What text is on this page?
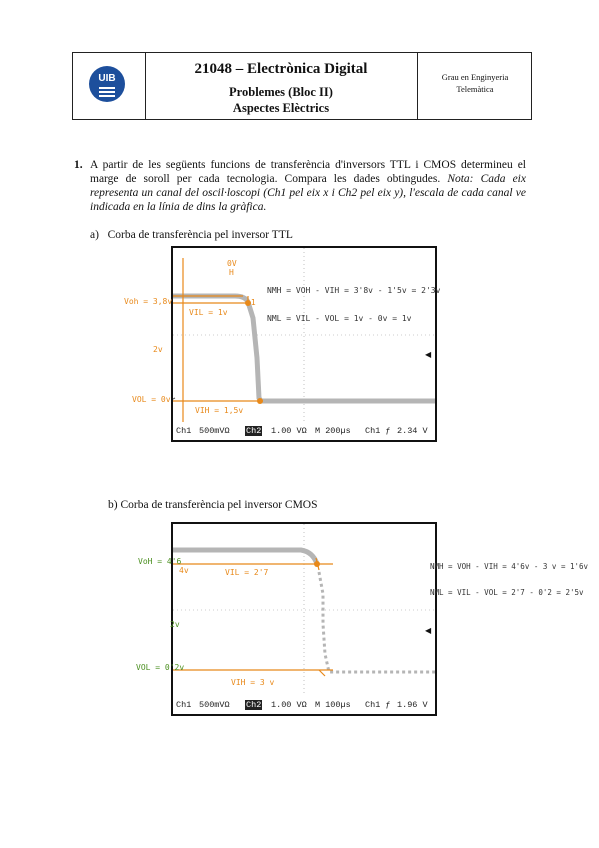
UIB
21048 – Electrònica Digital
Problemes (Bloc II)
Aspectes Elèctrics
Grau en Enginyeria
Telemàtica
1. A partir de les següents funcions de transferència d'inversors TTL i CMOS determineu el marge de soroll per cada tecnologia. Compara les dades obtingudes. Nota: Cada eix representa un canal del oscil·loscopi (Ch1 pel eix x i Ch2 pel eix y), l'escala de cada canal ve indicada en la línia de dins la gràfica.
a) Corba de transferència pel inversor TTL
0V
H
VIL = 1v
-1
VIH = 1,5v
NMH = VOH - VIH = 3'8v - 1'5v = 2'3v
NML = VIL - VOL = 1v - 0v = 1v
Ch1 500mVΩ Ch2 1.00 VΩ M 200µs Ch1 ƒ 2.34 V
Voh = 3,8v
2v
VOL = 0v
◀
b) Corba de transferència pel inversor CMOS
4v	VIL = 2'7
VIH = 3 v
Ch1 500mVΩ Ch2 1.00 VΩ M 100µs Ch1 ƒ 1.96 V
VoH = 4'6
2v
VOL = 0'2v
NMH = VOH - VIH = 4'6v - 3 v = 1'6v
NML = VIL - VOL = 2'7 - 0'2 = 2'5v
◀
